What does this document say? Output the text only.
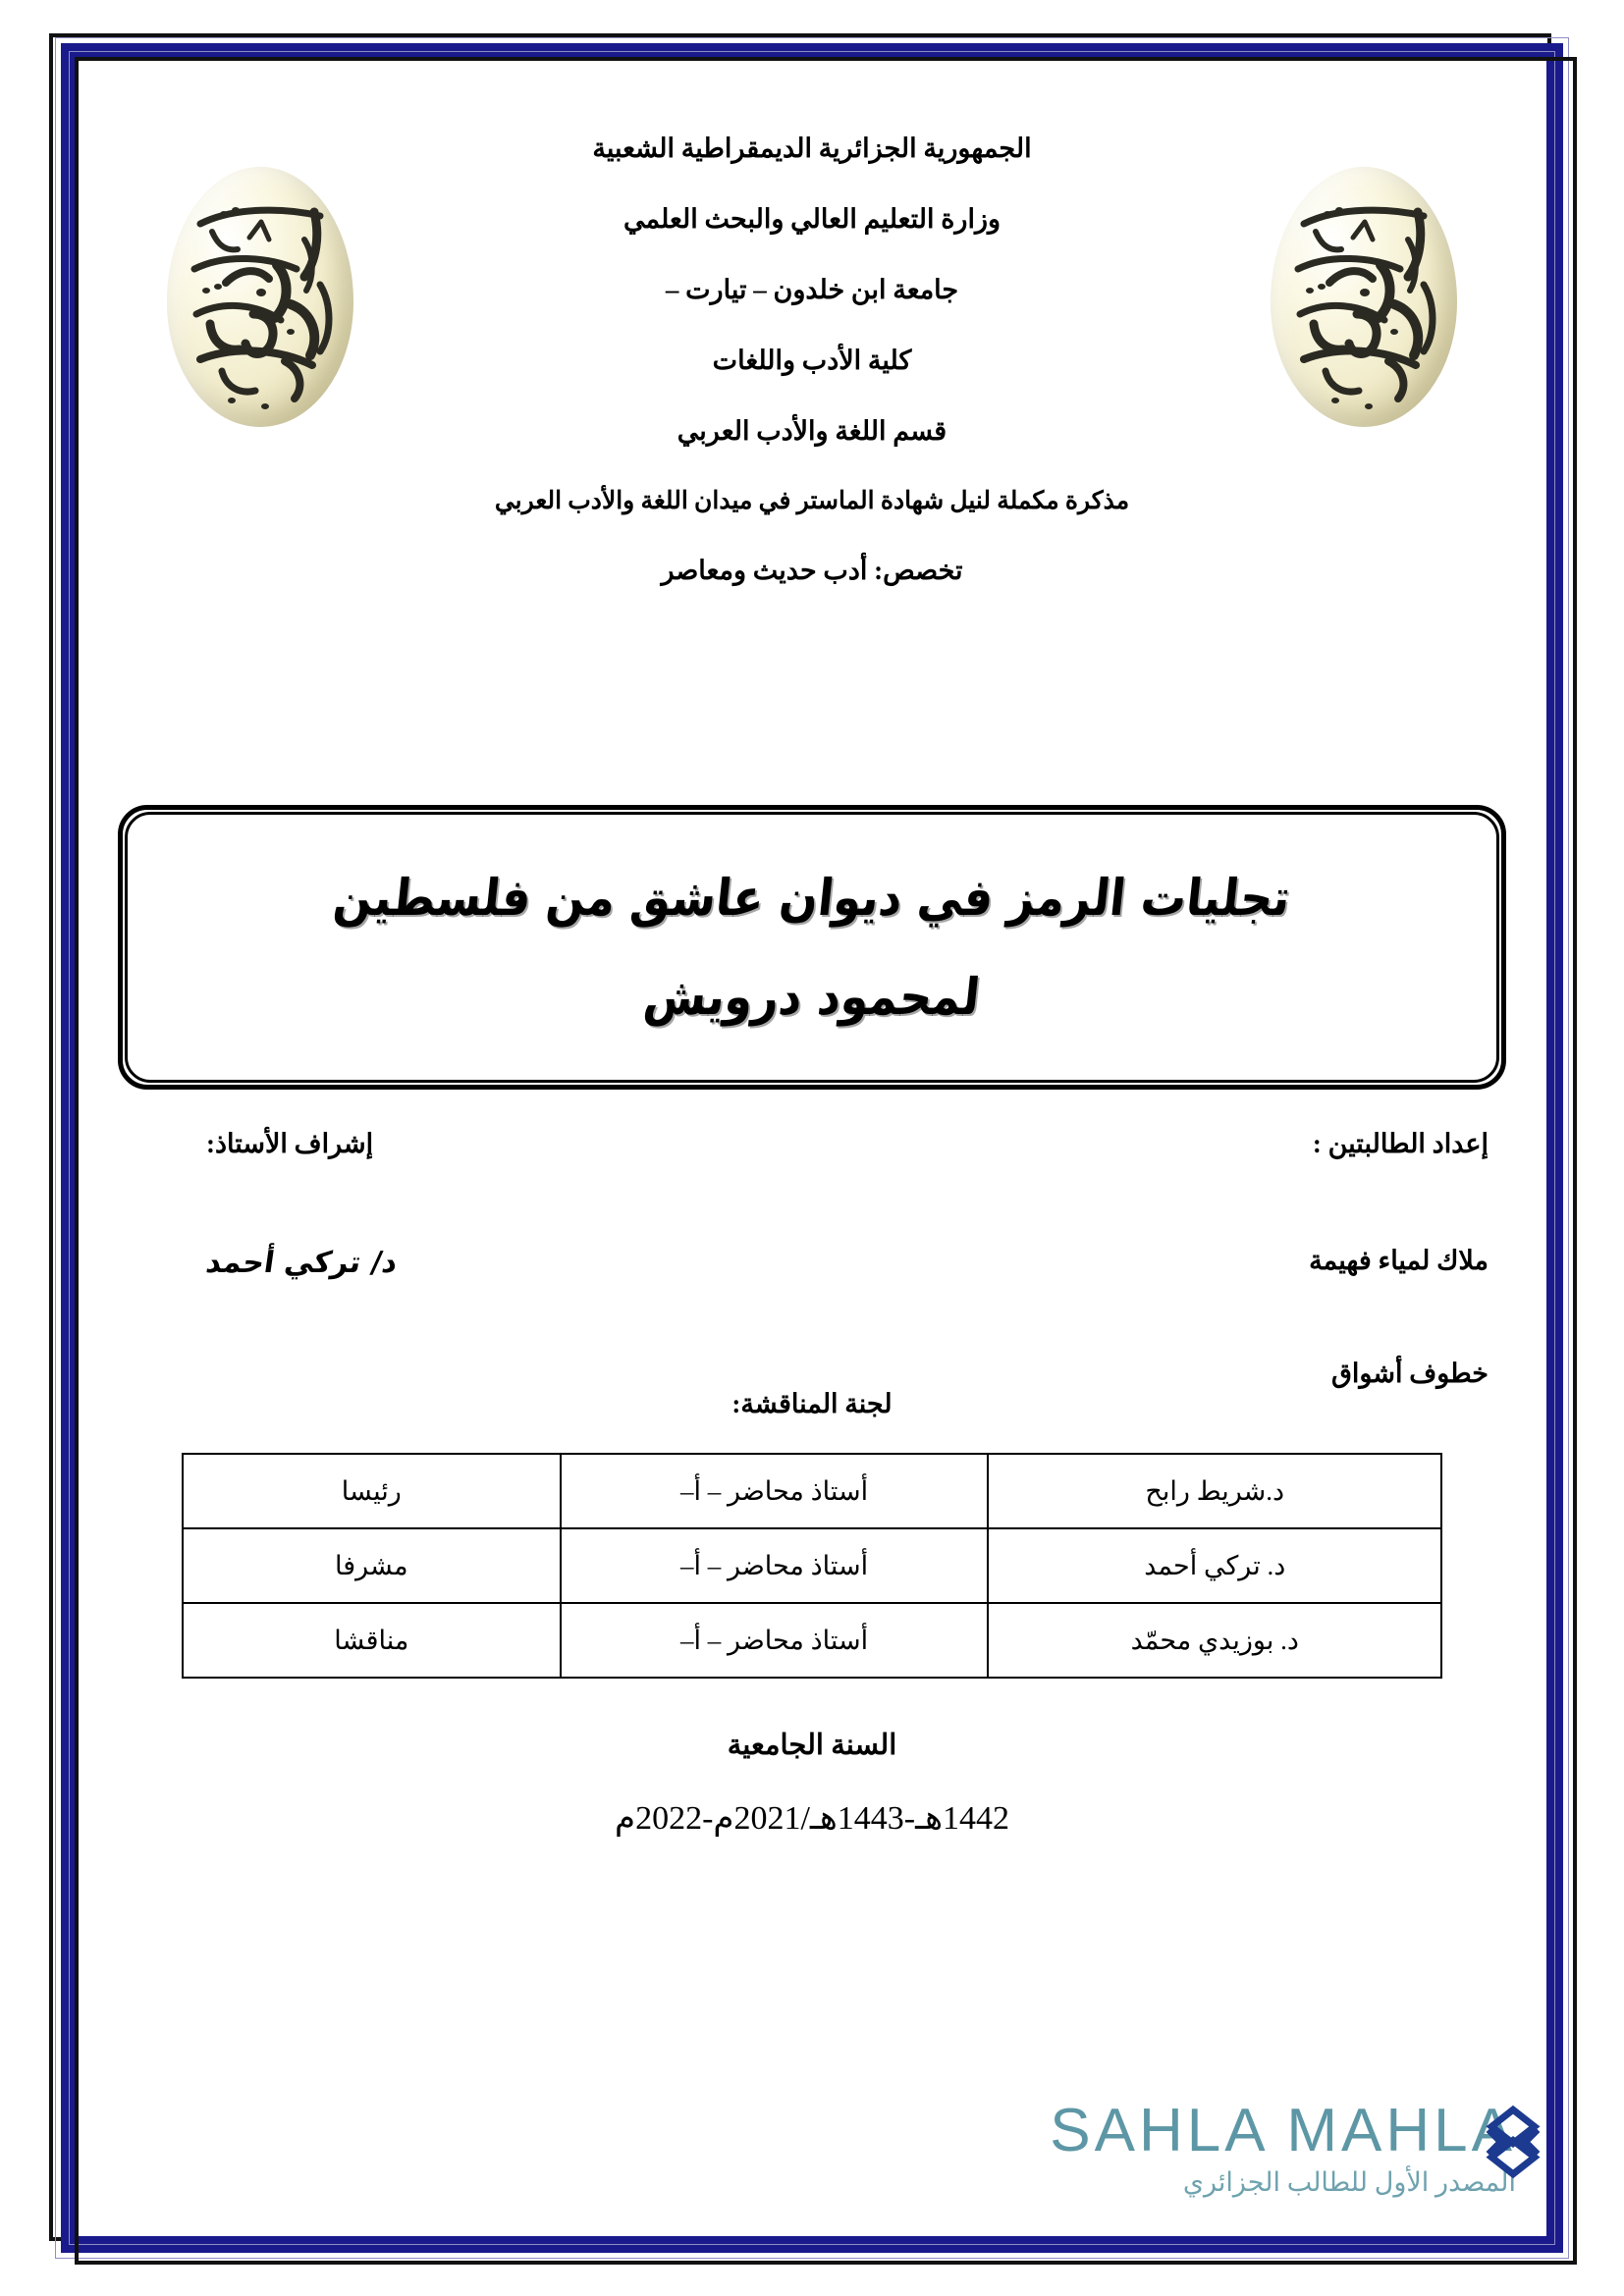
الجمهورية الجزائرية الديمقراطية الشعبية
وزارة التعليم العالي والبحث العلمي
جامعة ابن خلدون – تيارت –
كلية الأدب واللغات
قسم اللغة والأدب العربي
مذكرة مكملة لنيل شهادة الماستر في ميدان اللغة والأدب العربي
تخصص: أدب حديث ومعاصر
تجليات الرمز في ديوان عاشق من فلسطين
لمحمود درويش
إعداد الطالبتين :
ملاك لمياء فهيمة
خطوف أشواق
إشراف الأستاذ:
د/ تركي أحمد
لجنة المناقشة:
د.شريط رابح	أستاذ محاضر – أ–	رئيسا
د. تركي أحمد	أستاذ محاضر – أ–	مشرفا
د. بوزيدي محمّد	أستاذ محاضر – أ–	مناقشا
السنة الجامعية
1442هـ-1443هـ/2021م-2022م
SAHLA MAHLA
المصدر الأول للطالب الجزائري
